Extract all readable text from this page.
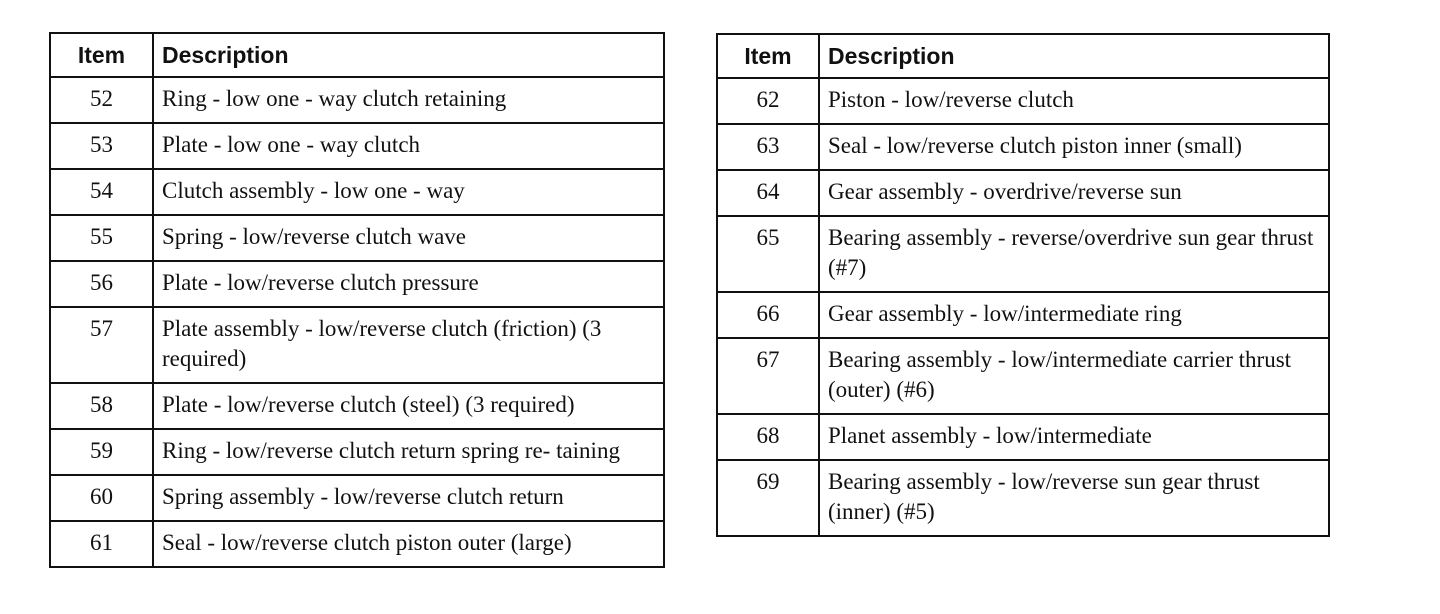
Item	Description
52	Ring - low one - way clutch retaining
53	Plate - low one - way clutch
54	Clutch assembly - low one - way
55	Spring - low/reverse clutch wave
56	Plate - low/reverse clutch pressure
57	Plate assembly - low/reverse clutch (friction) (3 required)
58	Plate - low/reverse clutch (steel) (3 required)
59	Ring - low/reverse clutch return spring re- taining
60	Spring assembly - low/reverse clutch return
61	Seal - low/reverse clutch piston outer (large)
Item	Description
62	Piston - low/reverse clutch
63	Seal - low/reverse clutch piston inner (small)
64	Gear assembly - overdrive/reverse sun
65	Bearing assembly - reverse/overdrive sun gear thrust (#7)
66	Gear assembly - low/intermediate ring
67	Bearing assembly - low/intermediate carrier thrust (outer) (#6)
68	Planet assembly - low/intermediate
69	Bearing assembly - low/reverse sun gear thrust (inner) (#5)
